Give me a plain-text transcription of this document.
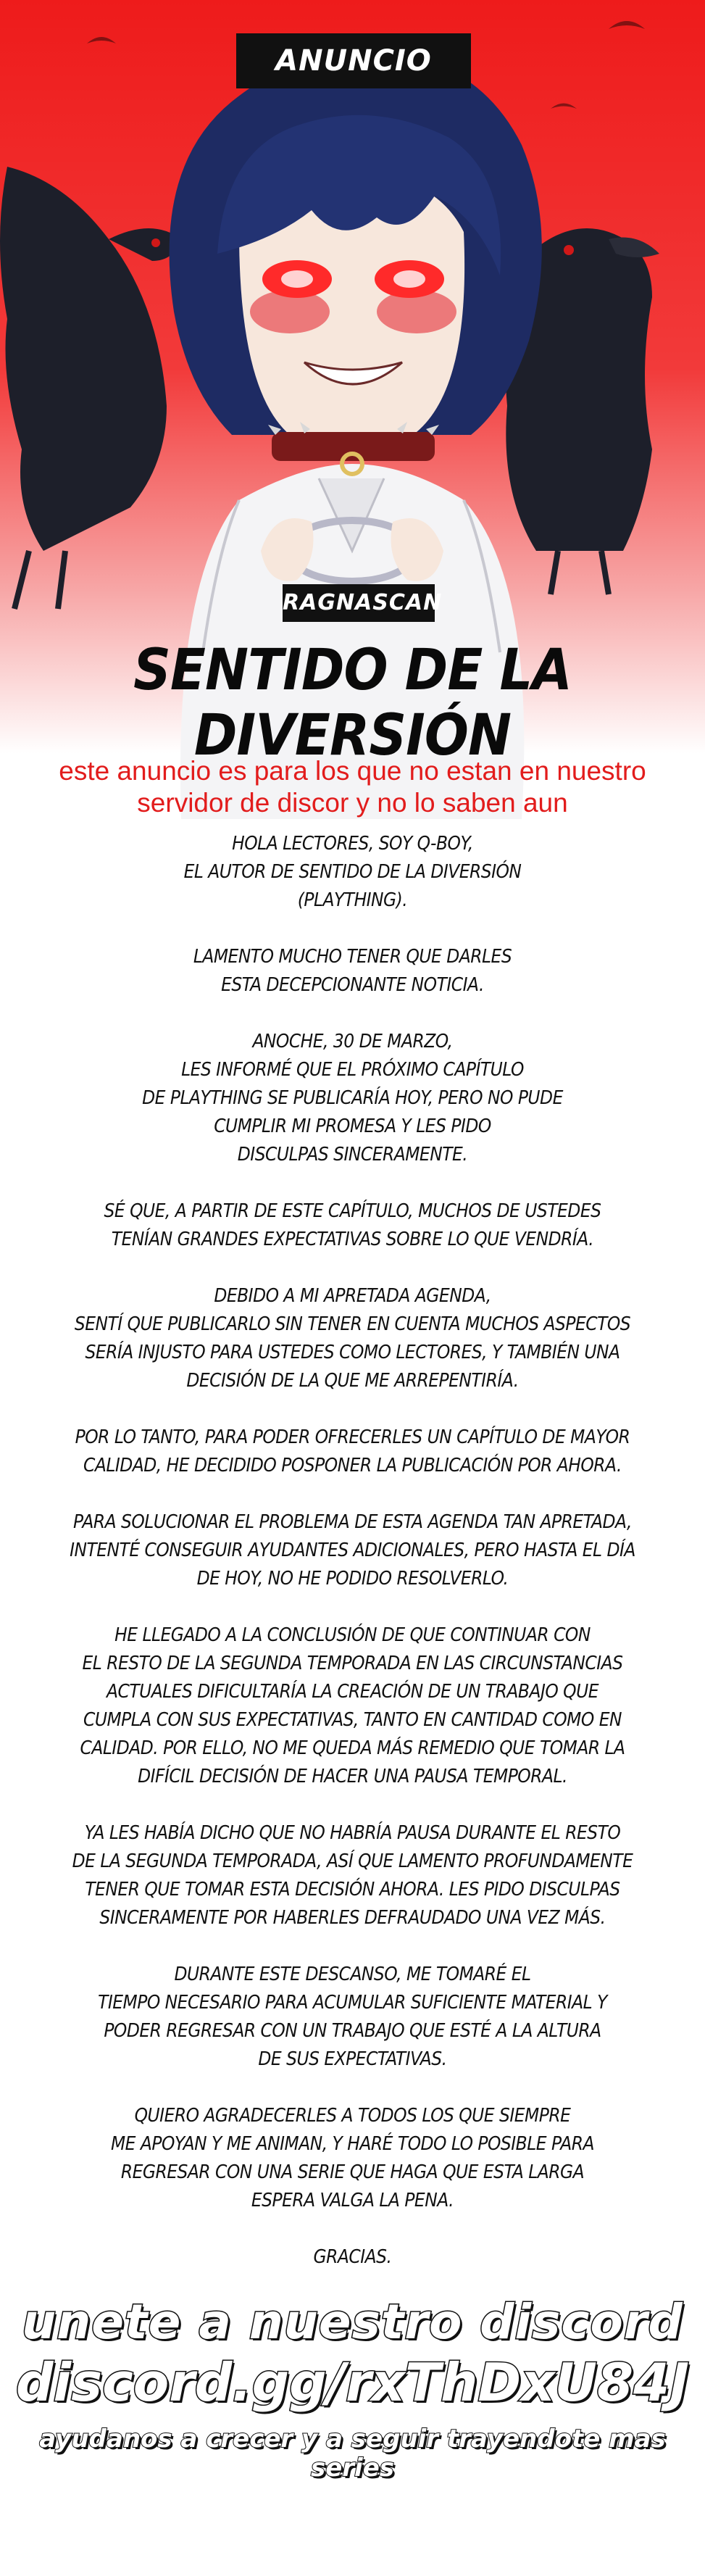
ANUNCIO
RAGNASCAN
SENTIDO DE LA DIVERSIÓN
este anuncio es para los que no estan en nuestro
servidor de discor y no lo saben aun
HOLA LECTORES, SOY Q-BOY,
EL AUTOR DE SENTIDO DE LA DIVERSIÓN
(PLAYTHING).
LAMENTO MUCHO TENER QUE DARLES
ESTA DECEPCIONANTE NOTICIA.
ANOCHE, 30 DE MARZO,
LES INFORMÉ QUE EL PRÓXIMO CAPÍTULO
DE PLAYTHING SE PUBLICARÍA HOY, PERO NO PUDE
CUMPLIR MI PROMESA Y LES PIDO
DISCULPAS SINCERAMENTE.
SÉ QUE, A PARTIR DE ESTE CAPÍTULO, MUCHOS DE USTEDES
TENÍAN GRANDES EXPECTATIVAS SOBRE LO QUE VENDRÍA.
DEBIDO A MI APRETADA AGENDA,
SENTÍ QUE PUBLICARLO SIN TENER EN CUENTA MUCHOS ASPECTOS
SERÍA INJUSTO PARA USTEDES COMO LECTORES, Y TAMBIÉN UNA
DECISIÓN DE LA QUE ME ARREPENTIRÍA.
POR LO TANTO, PARA PODER OFRECERLES UN CAPÍTULO DE MAYOR
CALIDAD, HE DECIDIDO POSPONER LA PUBLICACIÓN POR AHORA.
PARA SOLUCIONAR EL PROBLEMA DE ESTA AGENDA TAN APRETADA,
INTENTÉ CONSEGUIR AYUDANTES ADICIONALES, PERO HASTA EL DÍA
DE HOY, NO HE PODIDO RESOLVERLO.
HE LLEGADO A LA CONCLUSIÓN DE QUE CONTINUAR CON
EL RESTO DE LA SEGUNDA TEMPORADA EN LAS CIRCUNSTANCIAS
ACTUALES DIFICULTARÍA LA CREACIÓN DE UN TRABAJO QUE
CUMPLA CON SUS EXPECTATIVAS, TANTO EN CANTIDAD COMO EN
CALIDAD. POR ELLO, NO ME QUEDA MÁS REMEDIO QUE TOMAR LA
DIFÍCIL DECISIÓN DE HACER UNA PAUSA TEMPORAL.
YA LES HABÍA DICHO QUE NO HABRÍA PAUSA DURANTE EL RESTO
DE LA SEGUNDA TEMPORADA, ASÍ QUE LAMENTO PROFUNDAMENTE
TENER QUE TOMAR ESTA DECISIÓN AHORA. LES PIDO DISCULPAS
SINCERAMENTE POR HABERLES DEFRAUDADO UNA VEZ MÁS.
DURANTE ESTE DESCANSO, ME TOMARÉ EL
TIEMPO NECESARIO PARA ACUMULAR SUFICIENTE MATERIAL Y
PODER REGRESAR CON UN TRABAJO QUE ESTÉ A LA ALTURA
DE SUS EXPECTATIVAS.
QUIERO AGRADECERLES A TODOS LOS QUE SIEMPRE
ME APOYAN Y ME ANIMAN, Y HARÉ TODO LO POSIBLE PARA
REGRESAR CON UNA SERIE QUE HAGA QUE ESTA LARGA
ESPERA VALGA LA PENA.
GRACIAS.
unete a nuestro discord
discord.gg/rxThDxU84J
ayudanos a crecer y a seguir trayendote mas series
